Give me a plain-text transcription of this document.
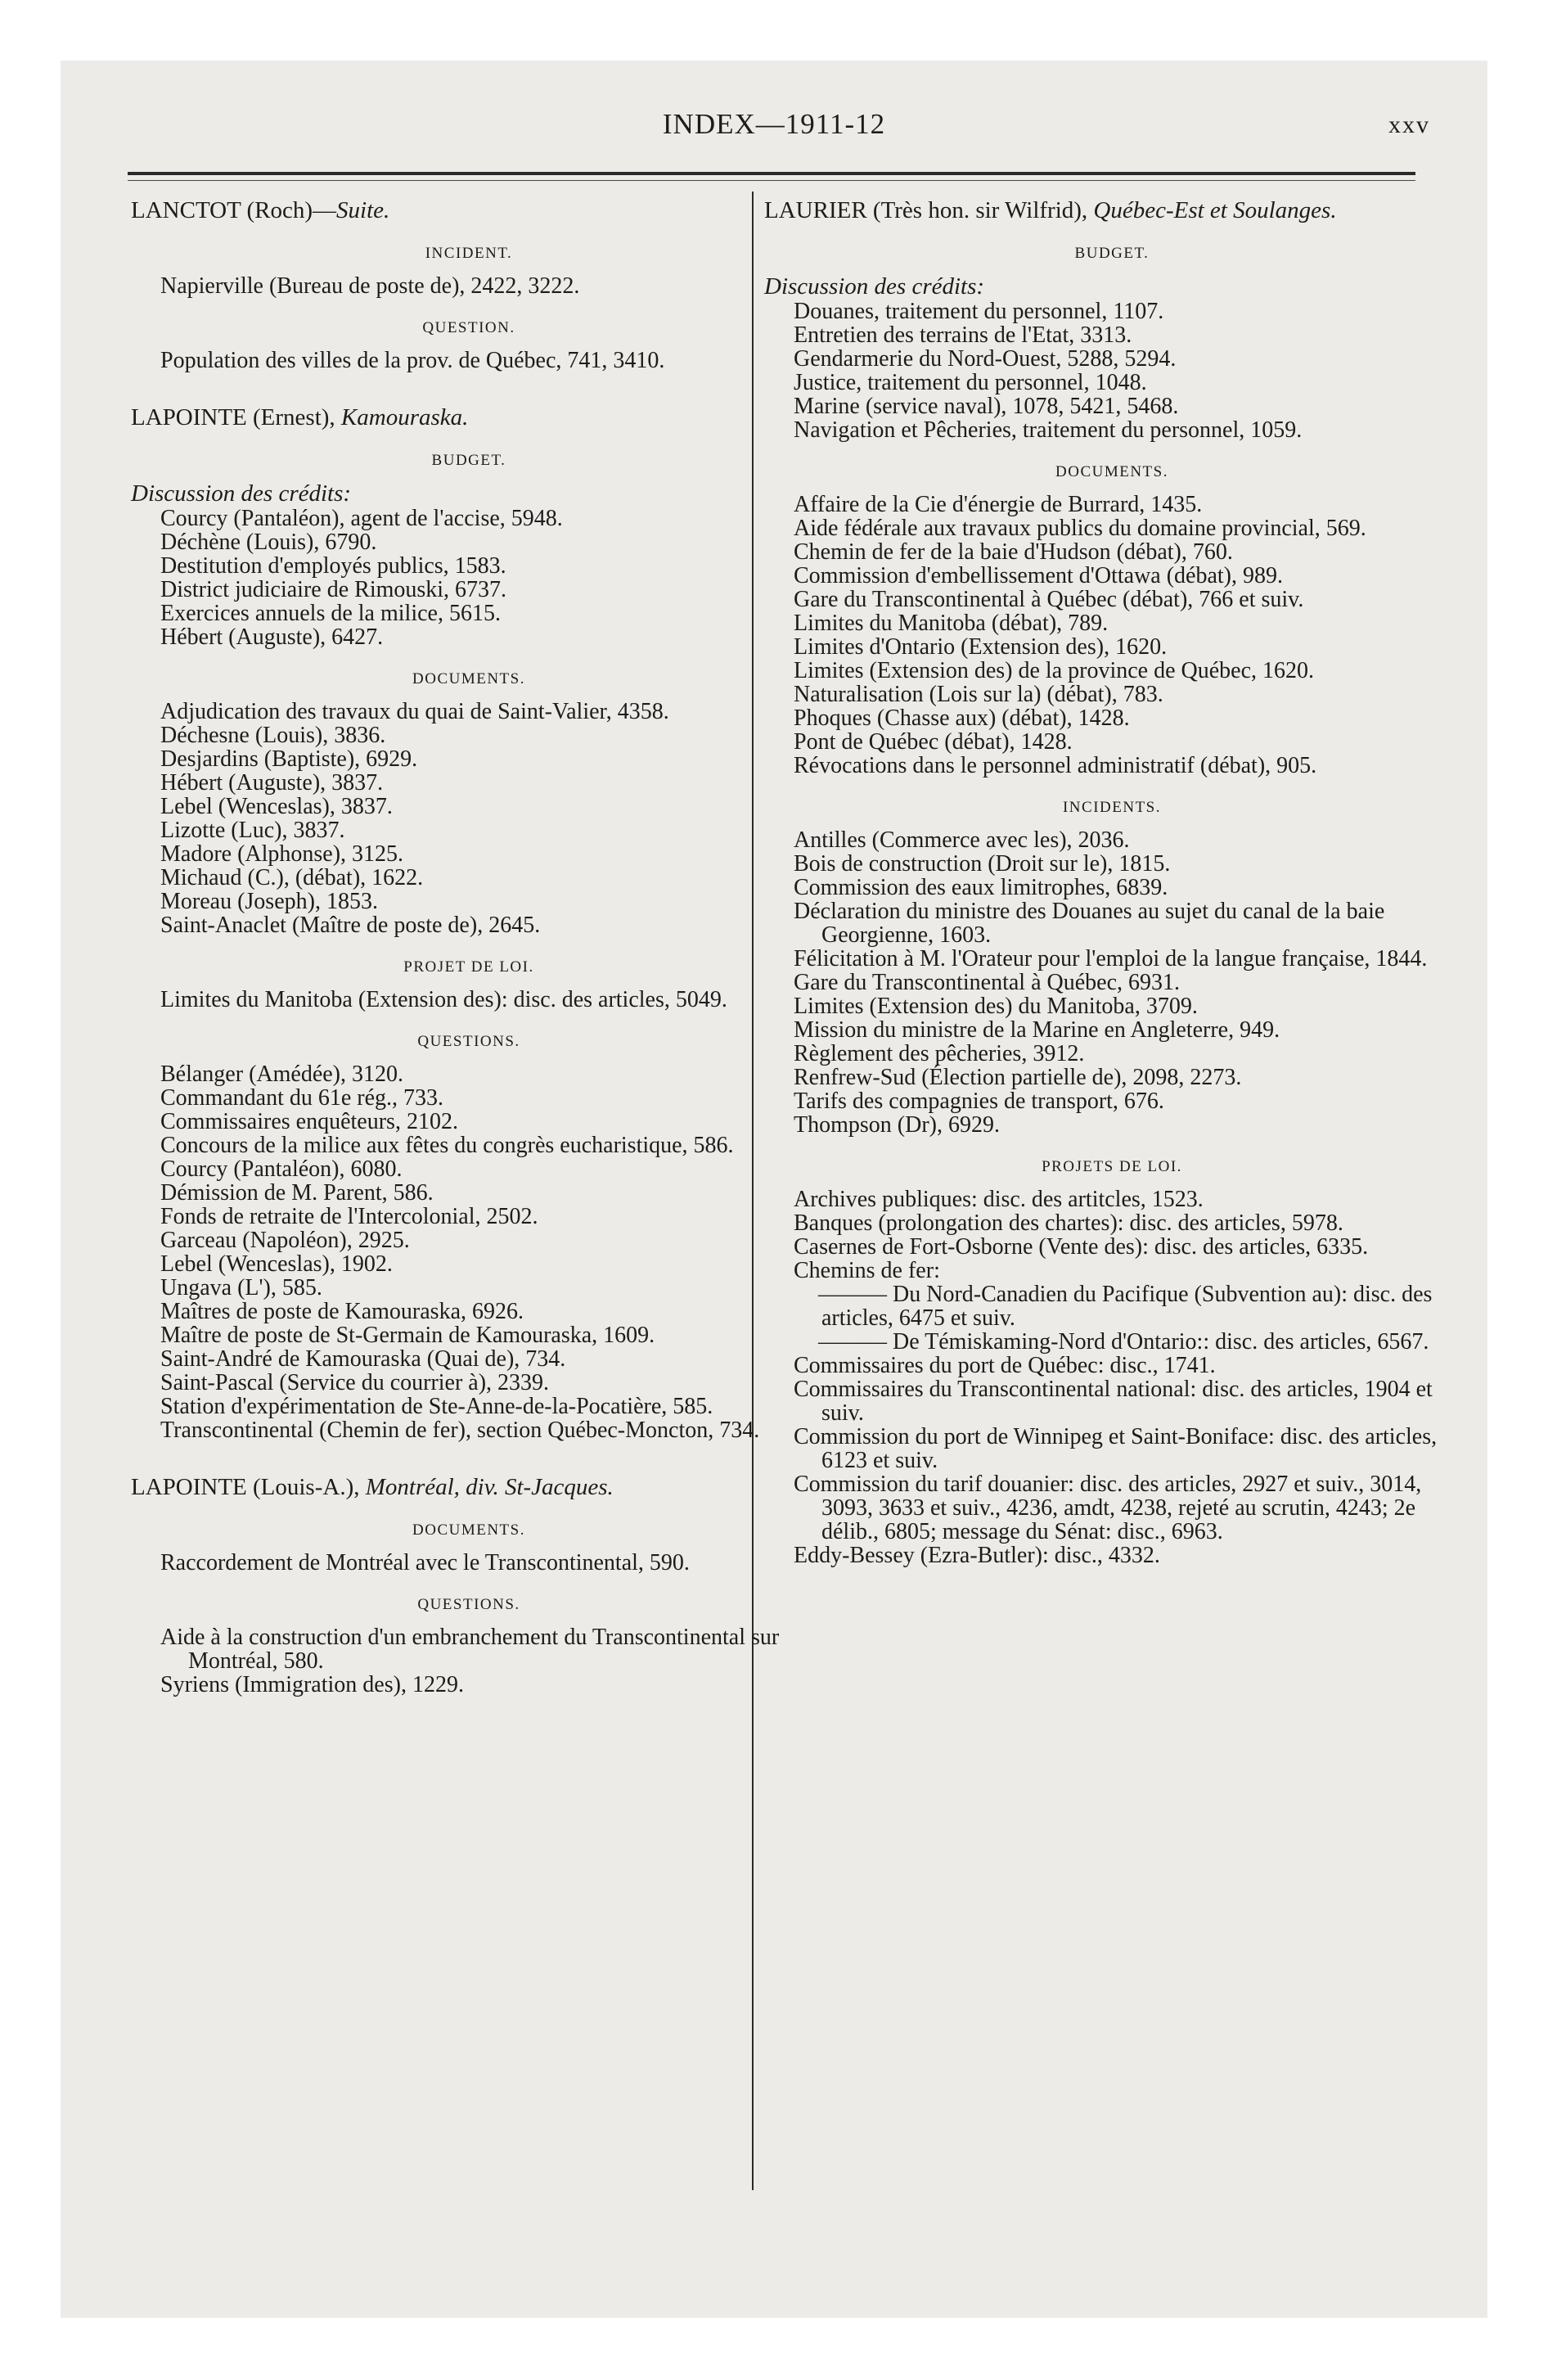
INDEX—1911-12	xxv

LANCTOT (Roch)—Suite.

INCIDENT.

Napierville (Bureau de poste de), 2422, 3222.

QUESTION.

Population des villes de la prov. de Québec, 741, 3410.

LAPOINTE (Ernest), Kamouraska.

BUDGET.

Discussion des crédits:

Courcy (Pantaléon), agent de l'accise, 5948.

Déchène (Louis), 6790.

Destitution d'employés publics, 1583.

District judiciaire de Rimouski, 6737.

Exercices annuels de la milice, 5615.

Hébert (Auguste), 6427.

DOCUMENTS.

Adjudication des travaux du quai de Saint-Valier, 4358.

Déchesne (Louis), 3836.

Desjardins (Baptiste), 6929.

Hébert (Auguste), 3837.

Lebel (Wenceslas), 3837.

Lizotte (Luc), 3837.

Madore (Alphonse), 3125.

Michaud (C.), (débat), 1622.

Moreau (Joseph), 1853.

Saint-Anaclet (Maître de poste de), 2645.

PROJET DE LOI.

Limites du Manitoba (Extension des): disc. des articles, 5049.

QUESTIONS.

Bélanger (Amédée), 3120.

Commandant du 61e rég., 733.

Commissaires enquêteurs, 2102.

Concours de la milice aux fêtes du congrès eucharistique, 586.

Courcy (Pantaléon), 6080.

Démission de M. Parent, 586.

Fonds de retraite de l'Intercolonial, 2502.

Garceau (Napoléon), 2925.

Lebel (Wenceslas), 1902.

Ungava (L'), 585.

Maîtres de poste de Kamouraska, 6926.

Maître de poste de St-Germain de Kamouraska, 1609.

Saint-André de Kamouraska (Quai de), 734.

Saint-Pascal (Service du courrier à), 2339.

Station d'expérimentation de Ste-Anne-de-la-Pocatière, 585.

Transcontinental (Chemin de fer), section Québec-Moncton, 734.

LAPOINTE (Louis-A.), Montréal, div. St-Jacques.

DOCUMENTS.

Raccordement de Montréal avec le Transcontinental, 590.

QUESTIONS.

Aide à la construction d'un embranchement du Transcontinental sur Montréal, 580.

Syriens (Immigration des), 1229.

LAURIER (Très hon. sir Wilfrid), Québec-Est et Soulanges.

BUDGET.

Discussion des crédits:

Douanes, traitement du personnel, 1107.

Entretien des terrains de l'Etat, 3313.

Gendarmerie du Nord-Ouest, 5288, 5294.

Justice, traitement du personnel, 1048.

Marine (service naval), 1078, 5421, 5468.

Navigation et Pêcheries, traitement du personnel, 1059.

DOCUMENTS.

Affaire de la Cie d'énergie de Burrard, 1435.

Aide fédérale aux travaux publics du domaine provincial, 569.

Chemin de fer de la baie d'Hudson (débat), 760.

Commission d'embellissement d'Ottawa (débat), 989.

Gare du Transcontinental à Québec (débat), 766 et suiv.

Limites du Manitoba (débat), 789.

Limites d'Ontario (Extension des), 1620.

Limites (Extension des) de la province de Québec, 1620.

Naturalisation (Lois sur la) (débat), 783.

Phoques (Chasse aux) (débat), 1428.

Pont de Québec (débat), 1428.

Révocations dans le personnel administratif (débat), 905.

INCIDENTS.

Antilles (Commerce avec les), 2036.

Bois de construction (Droit sur le), 1815.

Commission des eaux limitrophes, 6839.

Déclaration du ministre des Douanes au sujet du canal de la baie Georgienne, 1603.

Félicitation à M. l'Orateur pour l'emploi de la langue française, 1844.

Gare du Transcontinental à Québec, 6931.

Limites (Extension des) du Manitoba, 3709.

Mission du ministre de la Marine en Angleterre, 949.

Règlement des pêcheries, 3912.

Renfrew-Sud (Élection partielle de), 2098, 2273.

Tarifs des compagnies de transport, 676.

Thompson (Dr), 6929.

PROJETS DE LOI.

Archives publiques: disc. des artitcles, 1523.

Banques (prolongation des chartes): disc. des articles, 5978.

Casernes de Fort-Osborne (Vente des): disc. des articles, 6335.

Chemins de fer:

——— Du Nord-Canadien du Pacifique (Subvention au): disc. des articles, 6475 et suiv.

——— De Témiskaming-Nord d'Ontario:: disc. des articles, 6567.

Commissaires du port de Québec: disc., 1741.

Commissaires du Transcontinental national: disc. des articles, 1904 et suiv.

Commission du port de Winnipeg et Saint-Boniface: disc. des articles, 6123 et suiv.

Commission du tarif douanier: disc. des articles, 2927 et suiv., 3014, 3093, 3633 et suiv., 4236, amdt, 4238, rejeté au scrutin, 4243; 2e délib., 6805; message du Sénat: disc., 6963.

Eddy-Bessey (Ezra-Butler): disc., 4332.
